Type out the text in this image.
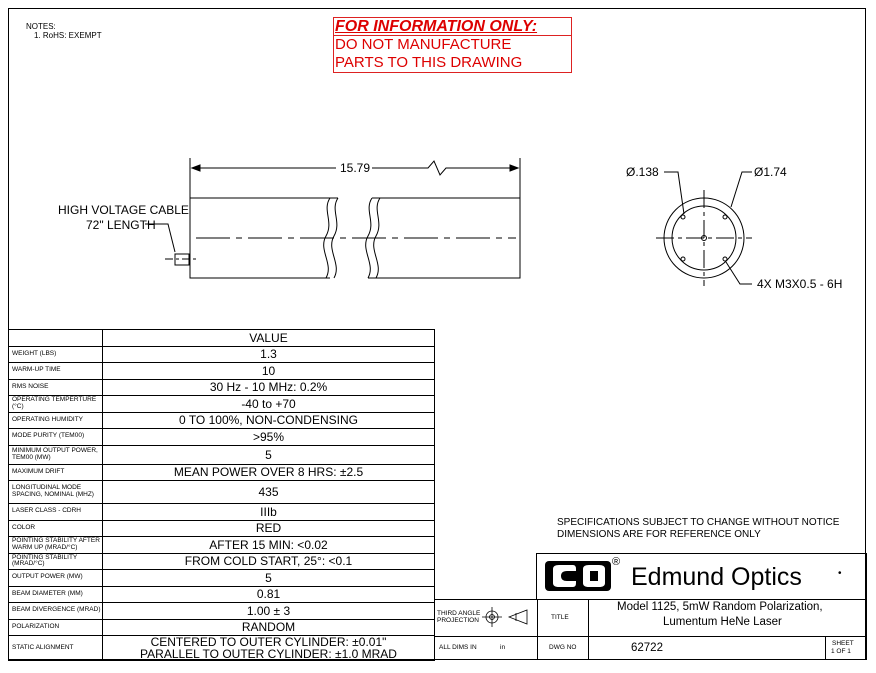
NOTES:
1. RoHS: EXEMPT
FOR INFORMATION ONLY:
DO NOT MANUFACTURE
PARTS TO THIS DRAWING
15.79
HIGH VOLTAGE CABLE
72" LENGTH
Ø.138	Ø1.74
4X M3X0.5 - 6H
	VALUE
WEIGHT (LBS)	1.3
WARM-UP TIME	10
RMS NOISE	30 Hz - 10 MHz: 0.2%
OPERATING TEMPERTURE (°C)	-40 to +70
OPERATING HUMIDITY	0 TO 100%, NON-CONDENSING
MODE PURITY (TEM00)	>95%
MINIMUM OUTPUT POWER, TEM00 (MW)	5
MAXIMUM DRIFT	MEAN POWER OVER 8 HRS: ±2.5
LONGITUDINAL MODE SPACING, NOMINAL (MHZ)	435
LASER CLASS - CDRH	IIIb
COLOR	RED
POINTING STABILITY AFTER WARM UP (MRAD/°C)	AFTER 15 MIN: <0.02
POINTING STABILITY (MRAD/°C)	FROM COLD START, 25°: <0.1
OUTPUT POWER (MW)	5
BEAM DIAMETER (MM)	0.81
BEAM DIVERGENCE (MRAD)	1.00 ± 3
POLARIZATION	RANDOM
STATIC ALIGNMENT	CENTERED TO OUTER CYLINDER: ±0.01"
PARALLEL TO OUTER CYLINDER: ±1.0 MRAD
SPECIFICATIONS SUBJECT TO CHANGE WITHOUT NOTICE
DIMENSIONS ARE FOR REFERENCE ONLY
®
Edmund Optics	•
THIRD ANGLE
PROJECTION	TITLE
Model 1125, 5mW Random Polarization,
Lumentum HeNe Laser
ALL DIMS IN	in	DWG NO	62722	SHEET
1 OF 1
